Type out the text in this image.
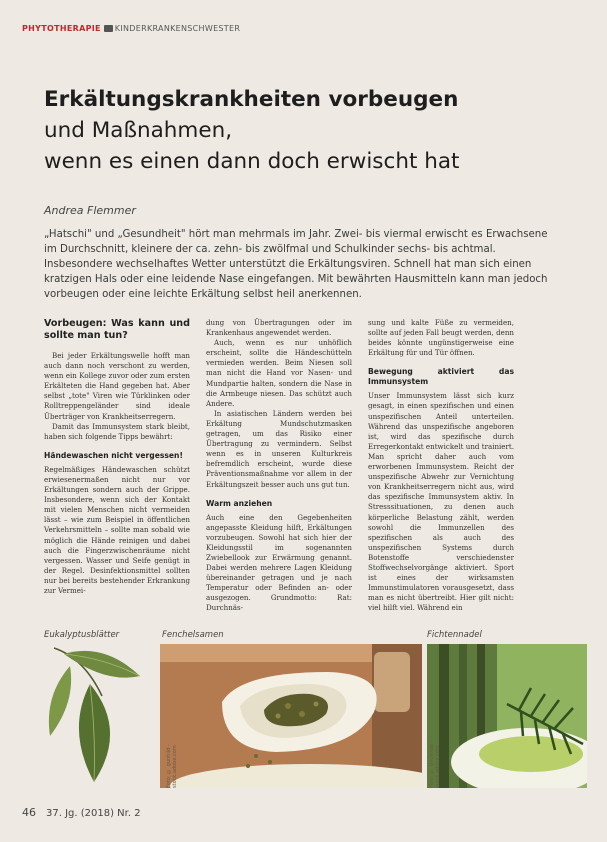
PHYTOTHERAPIE KINDERKRANKENSCHWESTER
Erkältungskrankheiten vorbeugen
und Maßnahmen,
wenn es einen dann doch erwischt hat
Andrea Flemmer
„Hatschi" und „Gesundheit" hört man mehrmals im Jahr. Zwei- bis viermal erwischt es Erwachsene im Durchschnitt, kleinere der ca. zehn- bis zwölfmal und Schulkinder sechs- bis achtmal. Insbesondere wechselhaftes Wetter unterstützt die Erkältungsviren. Schnell hat man sich einen kratzigen Hals oder eine leidende Nase eingefangen. Mit bewährten Hausmitteln kann man jedoch vorbeugen oder eine leichte Erkältung selbst heil anerkennen.
Vorbeugen: Was kann und sollte man tun?

Bei jeder Erkältungswelle hofft man auch dann noch verschont zu werden, wenn ein Kollege zuvor oder zum ersten Erkälteten die Hand gegeben hat. Aber selbst „tote" Viren wie Türklinken oder Rolltreppengeländer sind ideale Überträger von Krankheitserregern.

Damit das Immunsystem stark bleibt, haben sich folgende Tipps bewährt:

Händewaschen nicht vergessen!

Regelmäßiges Händewaschen schützt erwiesenermaßen nicht nur vor Erkältungen sondern auch der Grippe. Insbesondere, wenn sich der Kontakt mit vielen Menschen nicht vermeiden lässt – wie zum Beispiel in öffentlichen Verkehrsmitteln – sollte man sobald wie möglich die Hände reinigen und dabei auch die Fingerzwischenräume nicht vergessen. Wasser und Seife genügt in der Regel. Desinfektionsmittel sollten nur bei bereits bestehender Erkrankung zur Vermei-

dung von Übertragungen oder im Krankenhaus angewendet werden.

Auch, wenn es nur unhöflich erscheint, sollte die Händeschütteln vermieden werden. Beim Niesen soll man nicht die Hand vor Nasen- und Mundpartie halten, sondern die Nase in die Armbeuge niesen. Das schützt auch Andere.

In asiatischen Ländern werden bei Erkältung Mundschutzmasken getragen, um das Risiko einer Übertragung zu vermindern. Selbst wenn es in unseren Kulturkreis befremdlich erscheint, wurde diese Präventionsmaßnahme vor allem in der Erkältungszeit besser auch uns gut tun.

Warm anziehen

Auch eine den Gegebenheiten angepasste Kleidung hilft, Erkältungen vorzubeugen. Sowohl hat sich hier der Kleidungsstil im sogenannten Zwiebellook zur Erwärmung genannt. Dabei werden mehrere Lagen Kleidung übereinander getragen und je nach Temperatur oder Befinden an- oder ausgezogen. Grundmotto: Rat: Durchnäs-

sung und kalte Füße zu vermeiden, sollte auf jeden Fall beugt werden, denn beides könnte ungünstigerweise eine Erkältung für und Tür öffnen.

Bewegung aktiviert das Immunsystem

Unser Immunsystem lässt sich kurz gesagt, in einen spezifischen und einen unspezifischen Anteil unterteilen. Während das unspezifische angeboren ist, wird das spezifische durch Erregerkontakt entwickelt und trainiert. Man spricht daher auch vom erworbenen Immunsystem. Reicht der unspezifische Abwehr zur Vernichtung von Krankheitserregern nicht aus, wird das spezifische Immunsystem aktiv. In Stresssituationen, zu denen auch körperliche Belastung zählt, werden sowohl die Immunzellen des spezifischen als auch des unspezifischen Systems durch Botenstoffe verschiedenster Stoffwechselvorgänge aktiviert. Sport ist eines der wirksamsten Immunstimulatoren vorausgesetzt, dass man es nicht übertreibt. Hier gilt nicht: viel hilft viel. Während ein

Eukalyptusblätter	Fenchelsamen	Fichtennadel
Foto: © gunhild - stock.adobe.com	Foto: © Uncleroo - stock.adobe.com
46 37. Jg. (2018) Nr. 2
